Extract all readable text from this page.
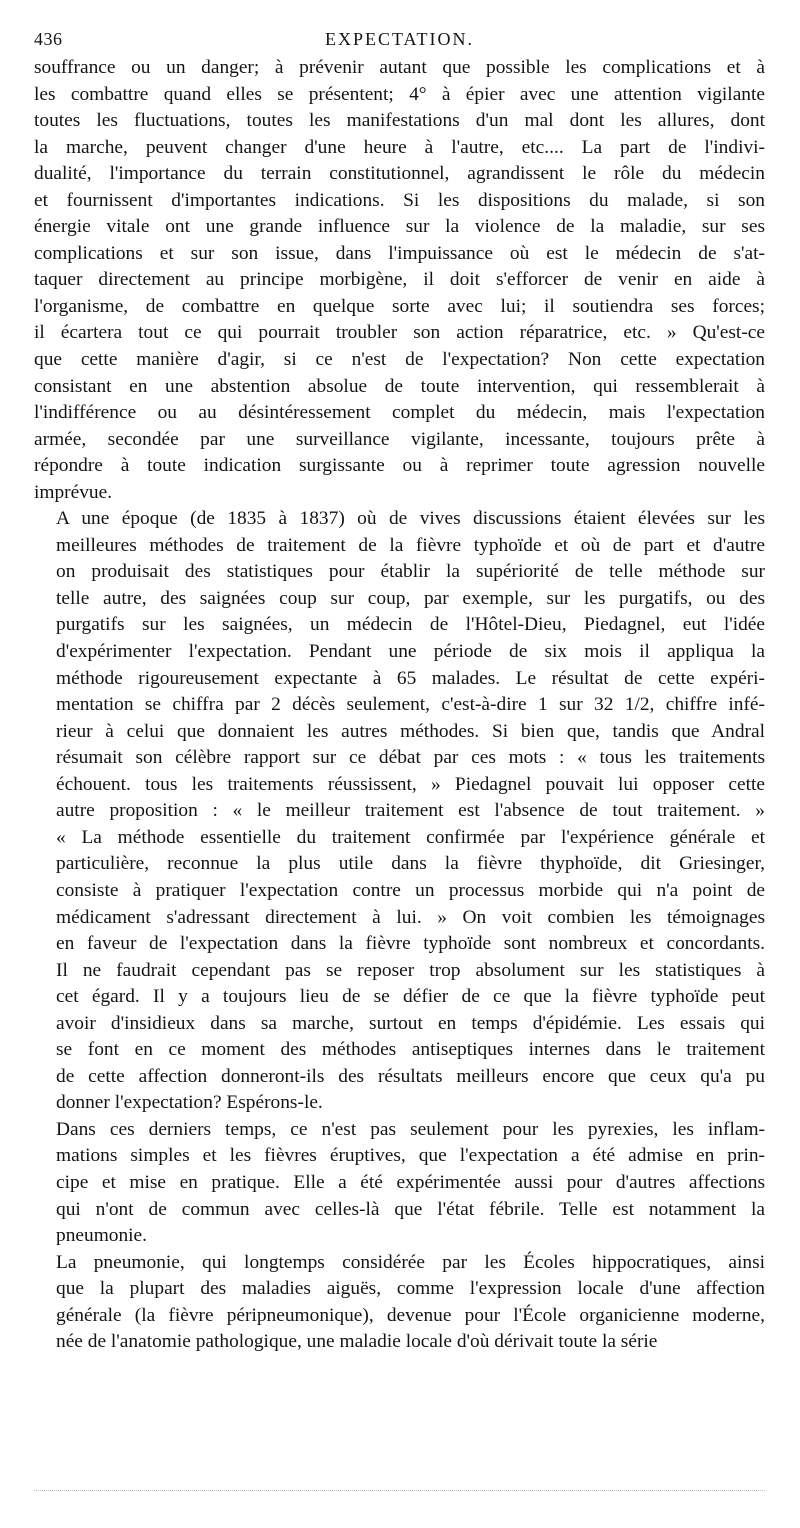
436	EXPECTATION.
souffrance ou un danger; à prévenir autant que possible les complications et à
les combattre quand elles se présentent; 4° à épier avec une attention vigilante
toutes les fluctuations, toutes les manifestations d'un mal dont les allures, dont
la marche, peuvent changer d'une heure à l'autre, etc.... La part de l'indivi-
dualité, l'importance du terrain constitutionnel, agrandissent le rôle du médecin
et fournissent d'importantes indications. Si les dispositions du malade, si son
énergie vitale ont une grande influence sur la violence de la maladie, sur ses
complications et sur son issue, dans l'impuissance où est le médecin de s'at-
taquer directement au principe morbigène, il doit s'efforcer de venir en aide à
l'organisme, de combattre en quelque sorte avec lui; il soutiendra ses forces;
il écartera tout ce qui pourrait troubler son action réparatrice, etc. » Qu'est-ce
que cette manière d'agir, si ce n'est de l'expectation? Non cette expectation
consistant en une abstention absolue de toute intervention, qui ressemblerait à
l'indifférence ou au désintéressement complet du médecin, mais l'expectation
armée, secondée par une surveillance vigilante, incessante, toujours prête à
répondre à toute indication surgissante ou à reprimer toute agression nouvelle
imprévue.
A une époque (de 1835 à 1837) où de vives discussions étaient élevées sur les
meilleures méthodes de traitement de la fièvre typhoïde et où de part et d'autre
on produisait des statistiques pour établir la supériorité de telle méthode sur
telle autre, des saignées coup sur coup, par exemple, sur les purgatifs, ou des
purgatifs sur les saignées, un médecin de l'Hôtel-Dieu, Piedagnel, eut l'idée
d'expérimenter l'expectation. Pendant une période de six mois il appliqua la
méthode rigoureusement expectante à 65 malades. Le résultat de cette expéri-
mentation se chiffra par 2 décès seulement, c'est-à-dire 1 sur 32 1/2, chiffre infé-
rieur à celui que donnaient les autres méthodes. Si bien que, tandis que Andral
résumait son célèbre rapport sur ce débat par ces mots : « tous les traitements
échouent. tous les traitements réussissent, » Piedagnel pouvait lui opposer cette
autre proposition : « le meilleur traitement est l'absence de tout traitement. »
« La méthode essentielle du traitement confirmée par l'expérience générale et
particulière, reconnue la plus utile dans la fièvre thyphoïde, dit Griesinger,
consiste à pratiquer l'expectation contre un processus morbide qui n'a point de
médicament s'adressant directement à lui. » On voit combien les témoignages
en faveur de l'expectation dans la fièvre typhoïde sont nombreux et concordants.
Il ne faudrait cependant pas se reposer trop absolument sur les statistiques à
cet égard. Il y a toujours lieu de se défier de ce que la fièvre typhoïde peut
avoir d'insidieux dans sa marche, surtout en temps d'épidémie. Les essais qui
se font en ce moment des méthodes antiseptiques internes dans le traitement
de cette affection donneront-ils des résultats meilleurs encore que ceux qu'a pu
donner l'expectation? Espérons-le.
Dans ces derniers temps, ce n'est pas seulement pour les pyrexies, les inflam-
mations simples et les fièvres éruptives, que l'expectation a été admise en prin-
cipe et mise en pratique. Elle a été expérimentée aussi pour d'autres affections
qui n'ont de commun avec celles-là que l'état fébrile. Telle est notamment la
pneumonie.
La pneumonie, qui longtemps considérée par les Écoles hippocratiques, ainsi
que la plupart des maladies aiguës, comme l'expression locale d'une affection
générale (la fièvre péripneumonique), devenue pour l'École organicienne moderne,
née de l'anatomie pathologique, une maladie locale d'où dérivait toute la série
